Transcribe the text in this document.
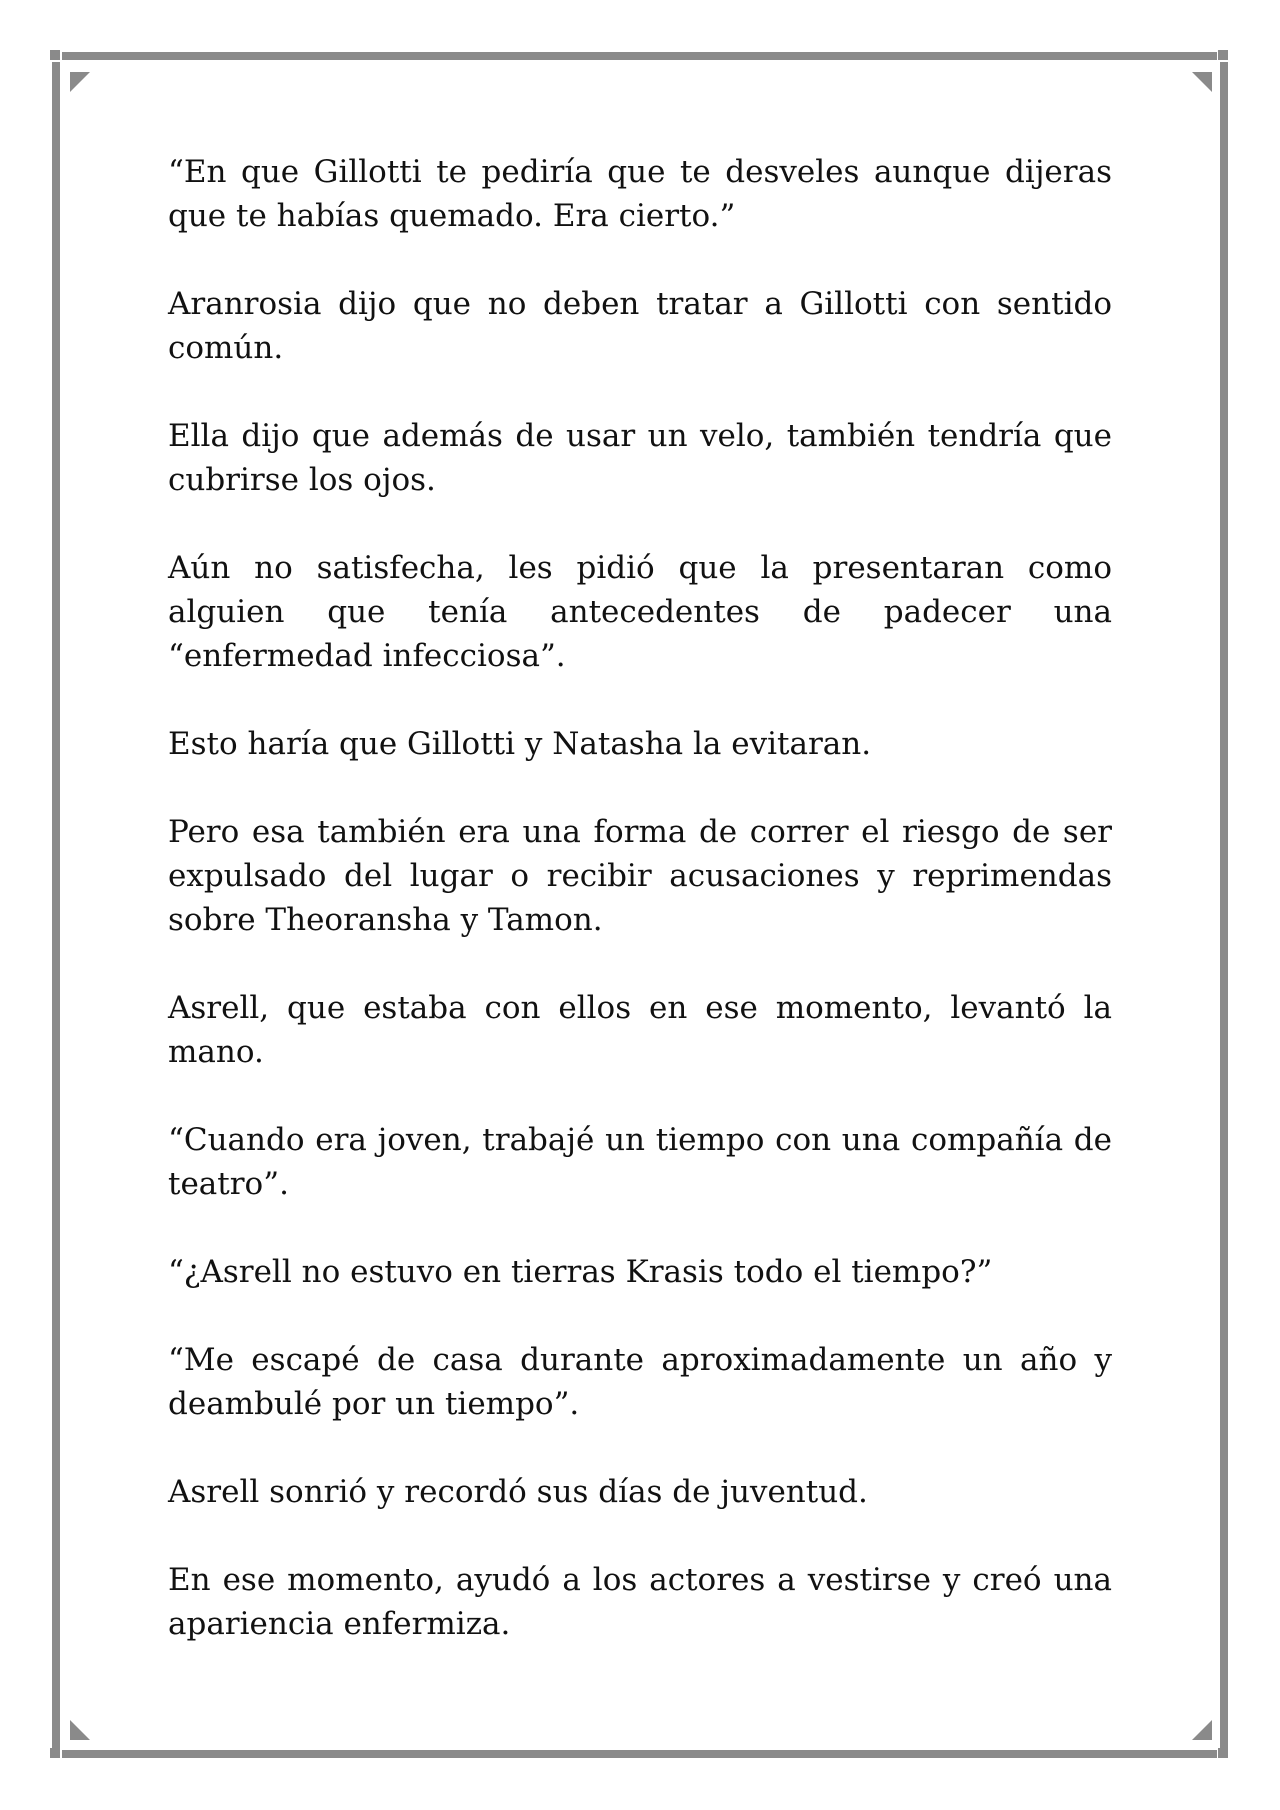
“En que Gillotti te pediría que te desveles aunque dijeras que te habías quemado. Era cierto.”

Aranrosia dijo que no deben tratar a Gillotti con sentido común.

Ella dijo que además de usar un velo, también tendría que cubrirse los ojos.

Aún no satisfecha, les pidió que la presentaran como alguien que tenía antecedentes de padecer una “enfermedad infecciosa”.

Esto haría que Gillotti y Natasha la evitaran.

Pero esa también era una forma de correr el riesgo de ser expulsado del lugar o recibir acusaciones y reprimendas sobre Theoransha y Tamon.

Asrell, que estaba con ellos en ese momento, levantó la mano.

“Cuando era joven, trabajé un tiempo con una compañía de teatro”.

“¿Asrell no estuvo en tierras Krasis todo el tiempo?”

“Me escapé de casa durante aproximadamente un año y deambulé por un tiempo”.

Asrell sonrió y recordó sus días de juventud.

En ese momento, ayudó a los actores a vestirse y creó una apariencia enfermiza.
